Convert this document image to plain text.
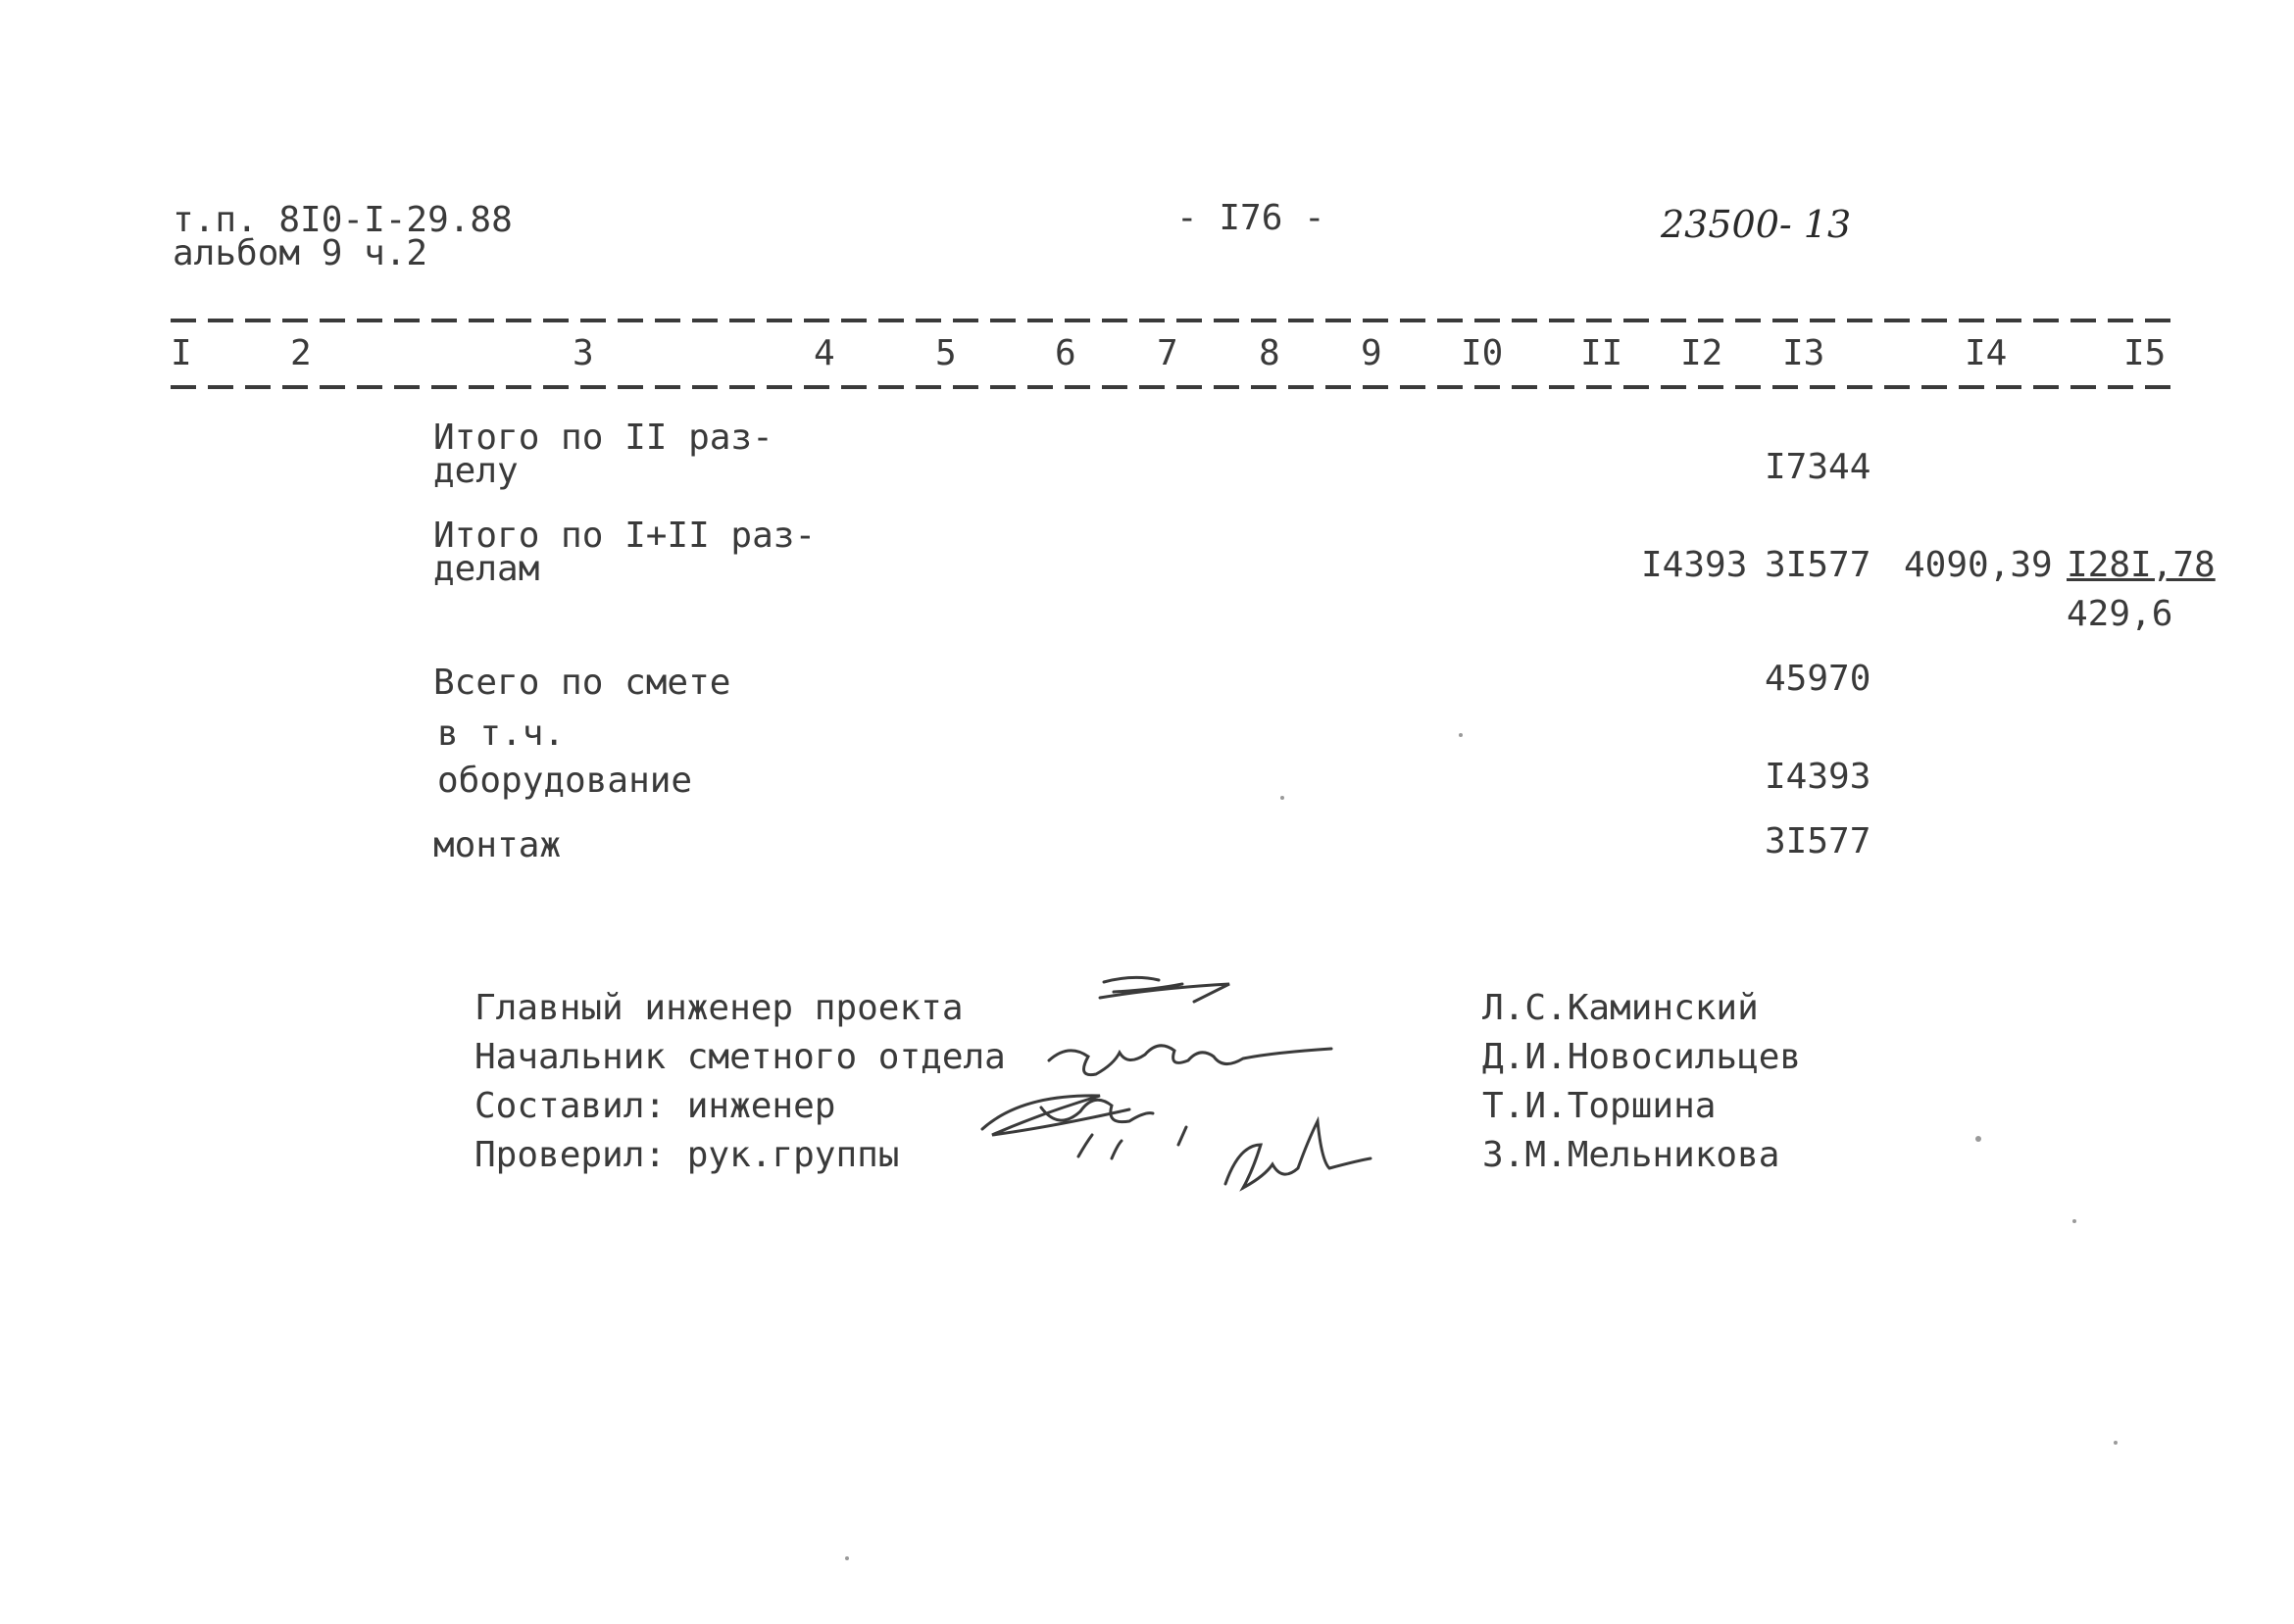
т.п. 8I0-I-29.88
альбом 9 ч.2
- I76 -	23500- 13
I	2	3	4	5	6 7 8 9 I0 II I2 I3	I4	I5
Итого по II раз-
делу	I7344
Итого по I+II раз-
делам	I4393 3I577 4090,39 I28I,78
429,6
Всего по смете	45970
в т.ч.
оборудование	I4393
монтаж	3I577
Главный инженер проекта	Л.С.Каминский
Начальник сметного отдела	Д.И.Новосильцев
Составил: инженер	Т.И.Торшина
Проверил: рук.группы	З.М.Мельникова
